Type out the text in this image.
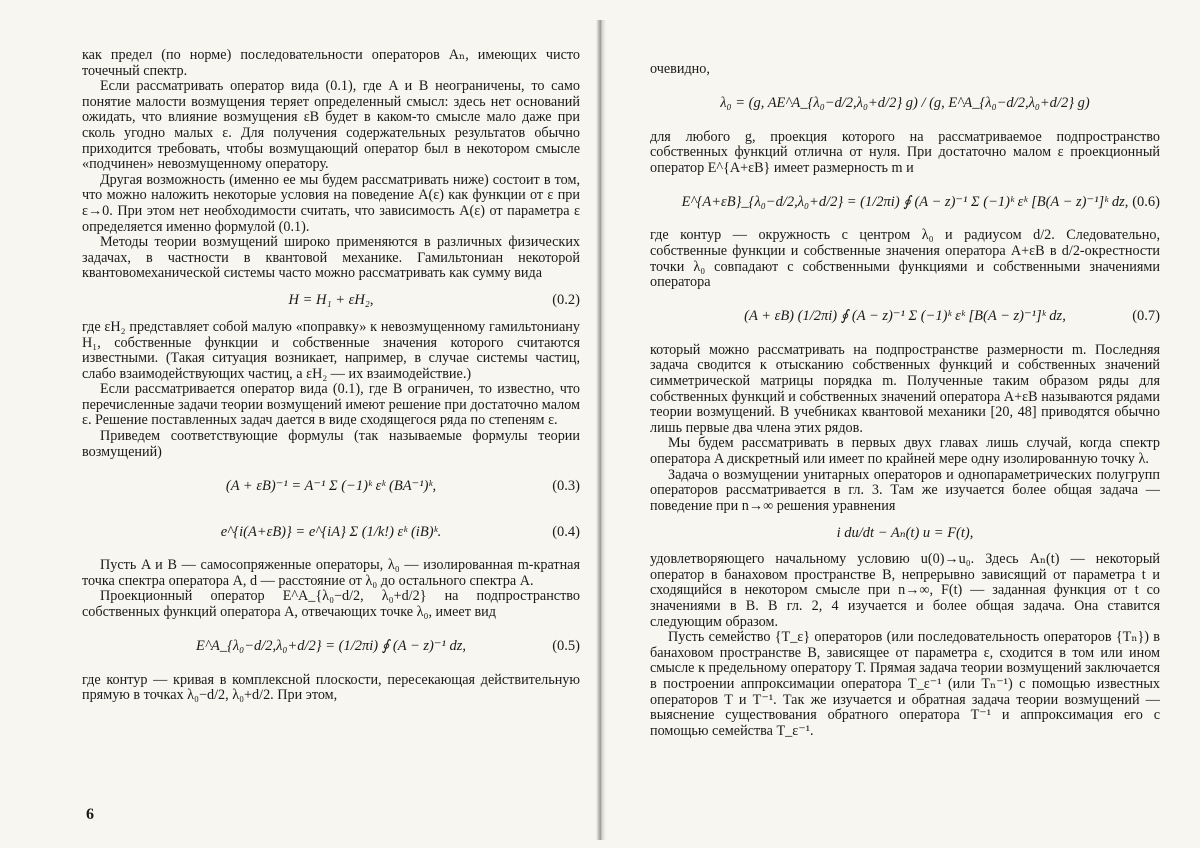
как предел (по норме) последовательности операторов Aₙ, имеющих чисто точечный спектр.

Если рассматривать оператор вида (0.1), где A и B неограничены, то само понятие малости возмущения теряет определенный смысл: здесь нет оснований ожидать, что влияние возмущения εB будет в каком-то смысле мало даже при сколь угодно малых ε. Для получения содержательных результатов обычно приходится требовать, чтобы возмущающий оператор был в некотором смысле «подчинен» невозмущенному оператору.

Другая возможность (именно ее мы будем рассматривать ниже) состоит в том, что можно наложить некоторые условия на поведение A(ε) как функции от ε при ε→0. При этом нет необходимости считать, что зависимость A(ε) от параметра ε определяется именно формулой (0.1).

Методы теории возмущений широко применяются в различных физических задачах, в частности в квантовой механике. Гамильтониан некоторой квантовомеханической системы часто можно рассматривать как сумму вида

H = H₁ + εH₂,	(0.2)

где εH₂ представляет собой малую «поправку» к невозмущенному гамильтониану H₁, собственные функции и собственные значения которого считаются известными. (Такая ситуация возникает, например, в случае системы частиц, слабо взаимодействующих частиц, а εH₂ — их взаимодействие.)

Если рассматривается оператор вида (0.1), где B ограничен, то известно, что перечисленные задачи теории возмущений имеют решение при достаточно малом ε. Решение поставленных задач дается в виде сходящегося ряда по степеням ε.

Приведем соответствующие формулы (так называемые формулы теории возмущений)

(A + εB)⁻¹ = A⁻¹ Σ (−1)ᵏ εᵏ (BA⁻¹)ᵏ,	(0.3)
e^{i(A+εB)} = e^{iA} Σ (1/k!) εᵏ (iB)ᵏ.	(0.4)

Пусть A и B — самосопряженные операторы, λ₀ — изолированная m-кратная точка спектра оператора A, d — расстояние от λ₀ до остального спектра A.

Проекционный оператор E^A_{λ₀−d/2, λ₀+d/2} на подпространство собственных функций оператора A, отвечающих точке λ₀, имеет вид

E^A_{λ₀−d/2,λ₀+d/2} = (1/2πi) ∮ (A − z)⁻¹ dz,	(0.5)

где контур — кривая в комплексной плоскости, пересекающая действительную прямую в точках λ₀−d/2, λ₀+d/2. При этом,

6

очевидно,

λ₀ = (g, AE^A_{λ₀−d/2,λ₀+d/2} g) / (g, E^A_{λ₀−d/2,λ₀+d/2} g)

для любого g, проекция которого на рассматриваемое подпространство собственных функций отлична от нуля. При достаточно малом ε проекционный оператор E^{A+εB} имеет размерность m и

E^{A+εB}_{λ₀−d/2,λ₀+d/2} = (1/2πi) ∮ (A − z)⁻¹ Σ (−1)ᵏ εᵏ [B(A − z)⁻¹]ᵏ dz, (0.6)

где контур — окружность с центром λ₀ и радиусом d/2. Следовательно, собственные функции и собственные значения оператора A+εB в d/2-окрестности точки λ₀ совпадают с собственными функциями и собственными значениями оператора

(A + εB) (1/2πi) ∮ (A − z)⁻¹ Σ (−1)ᵏ εᵏ [B(A − z)⁻¹]ᵏ dz,	(0.7)

который можно рассматривать на подпространстве размерности m. Последняя задача сводится к отысканию собственных функций и собственных значений симметрической матрицы порядка m. Полученные таким образом ряды для собственных функций и собственных значений оператора A+εB называются рядами теории возмущений. В учебниках квантовой механики [20, 48] приводятся обычно лишь первые два члена этих рядов.

Мы будем рассматривать в первых двух главах лишь случай, когда спектр оператора A дискретный или имеет по крайней мере одну изолированную точку λ.

Задача о возмущении унитарных операторов и однопараметрических полугрупп операторов рассматривается в гл. 3. Там же изучается более общая задача — поведение при n→∞ решения уравнения

i du/dt − Aₙ(t) u = F(t),

удовлетворяющего начальному условию u(0)→u₀. Здесь Aₙ(t) — некоторый оператор в банаховом пространстве B, непрерывно зависящий от параметра t и сходящийся в некотором смысле при n→∞, F(t) — заданная функция от t со значениями в B. В гл. 2, 4 изучается и более общая задача. Она ставится следующим образом.

Пусть семейство {T_ε} операторов (или последовательность операторов {Tₙ}) в банаховом пространстве B, зависящее от параметра ε, сходится в том или ином смысле к предельному оператору T. Прямая задача теории возмущений заключается в построении аппроксимации оператора T_ε⁻¹ (или Tₙ⁻¹) с помощью известных операторов T и T⁻¹. Так же изучается и обратная задача теории возмущений — выяснение существования обратного оператора T⁻¹ и аппроксимация его с помощью семейства T_ε⁻¹.
